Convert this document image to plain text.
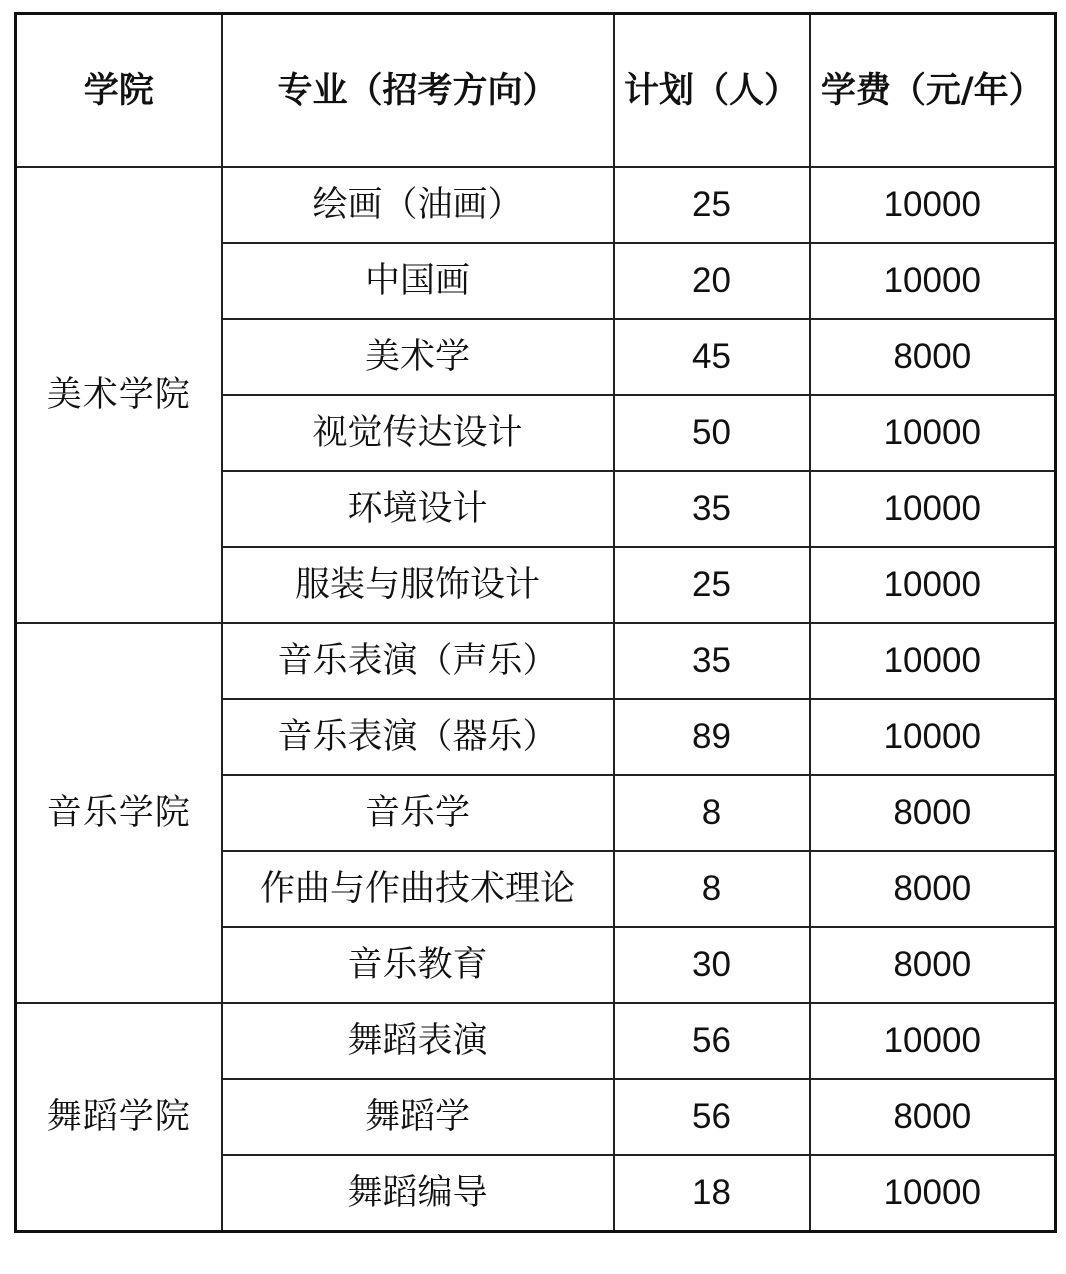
学院	专业（招考方向）	计划（人）	学费（元/年）
美术学院	绘画（油画）	25	10000
	中国画	20	10000
	美术学	45	8000
	视觉传达设计	50	10000
	环境设计	35	10000
	服装与服饰设计	25	10000
音乐学院	音乐表演（声乐）	35	10000
	音乐表演（器乐）	89	10000
	音乐学	8	8000
	作曲与作曲技术理论	8	8000
	音乐教育	30	8000
舞蹈学院	舞蹈表演	56	10000
	舞蹈学	56	8000
	舞蹈编导	18	10000
